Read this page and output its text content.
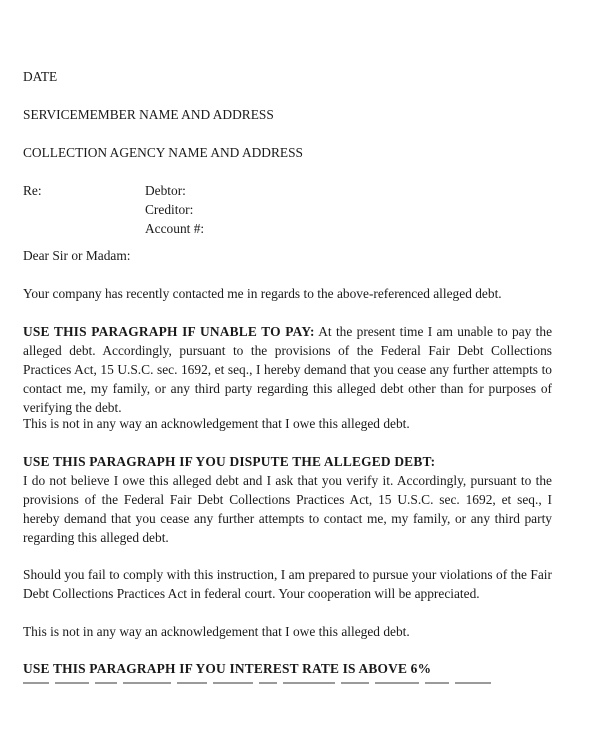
DATE
SERVICEMEMBER NAME AND ADDRESS
COLLECTION AGENCY NAME AND ADDRESS
Re:	Debtor:
Creditor:
Account #:
Dear Sir or Madam:
Your company has recently contacted me in regards to the above-referenced alleged debt.
USE THIS PARAGRAPH IF UNABLE TO PAY: At the present time I am unable to pay the alleged debt. Accordingly, pursuant to the provisions of the Federal Fair Debt Collections Practices Act, 15 U.S.C. sec. 1692, et seq., I hereby demand that you cease any further attempts to contact me, my family, or any third party regarding this alleged debt other than for purposes of verifying the debt.
This is not in any way an acknowledgement that I owe this alleged debt.
USE THIS PARAGRAPH IF YOU DISPUTE THE ALLEGED DEBT:
I do not believe I owe this alleged debt and I ask that you verify it. Accordingly, pursuant to the provisions of the Federal Fair Debt Collections Practices Act, 15 U.S.C. sec. 1692, et seq., I hereby demand that you cease any further attempts to contact me, my family, or any third party regarding this alleged debt.
Should you fail to comply with this instruction, I am prepared to pursue your violations of the Fair Debt Collections Practices Act in federal court. Your cooperation will be appreciated.
This is not in any way an acknowledgement that I owe this alleged debt.
USE THIS PARAGRAPH IF YOU INTEREST RATE IS ABOVE 6%
